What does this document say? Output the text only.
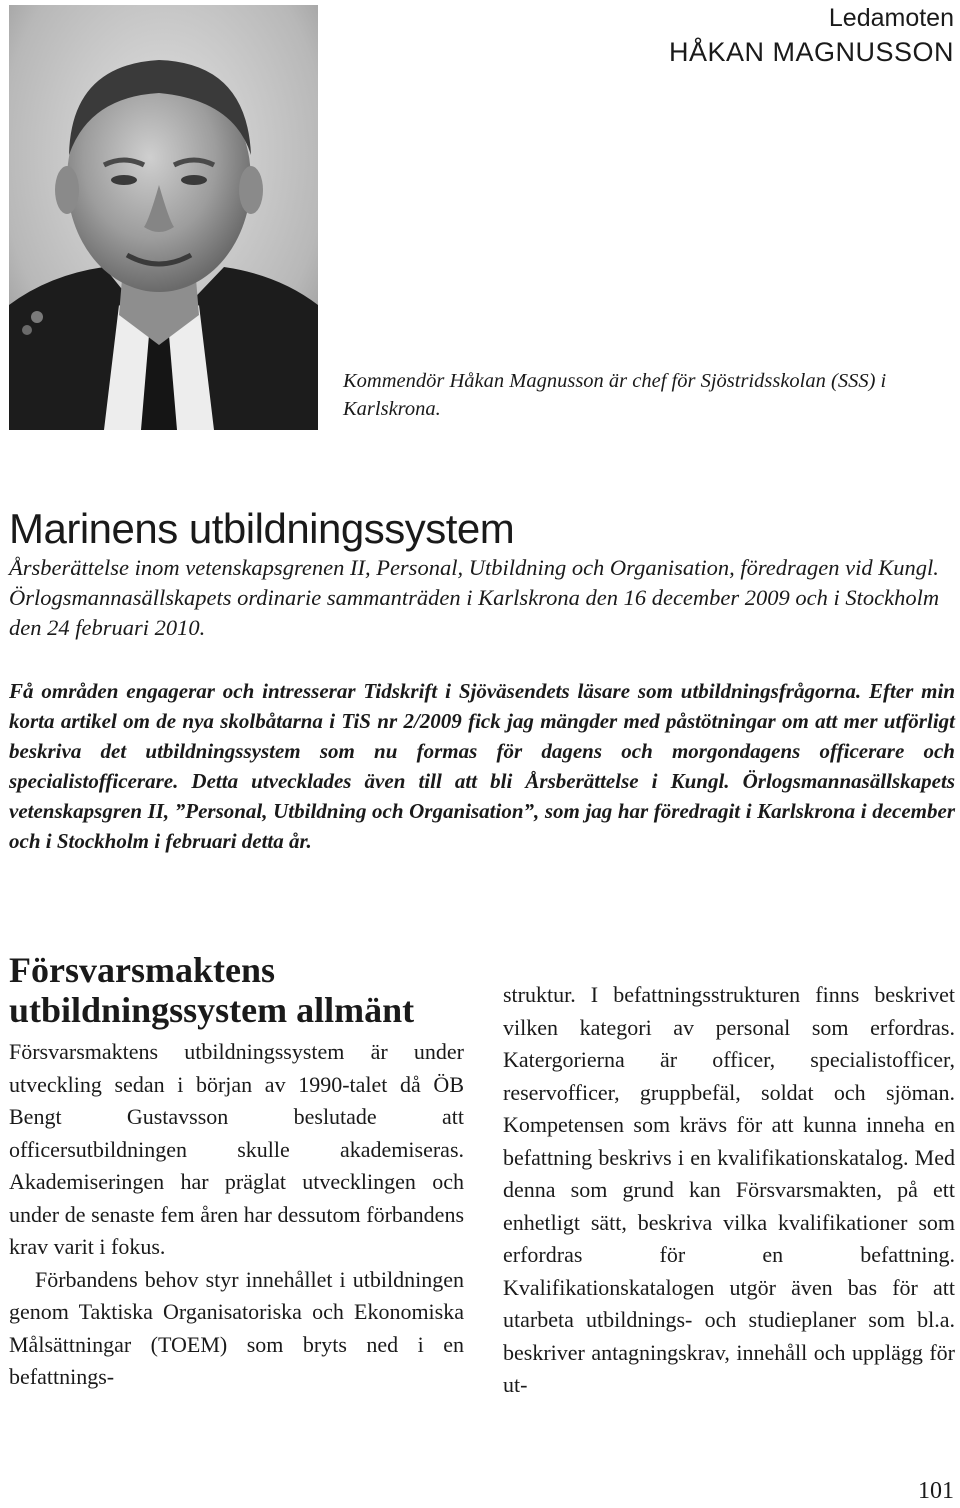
Ledamoten
HÅKAN MAGNUSSON
Kommendör Håkan Magnusson är chef för Sjöstridsskolan (SSS) i Karlskrona.
Marinens utbildningssystem
Årsberättelse inom vetenskapsgrenen II, Personal, Utbildning och Organisation, föredragen vid Kungl. Örlogsmannasällskapets ordinarie sammanträden i Karlskrona den 16 december 2009 och i Stockholm den 24 februari 2010.
Få områden engagerar och intresserar Tidskrift i Sjöväsendets läsare som utbildningsfrågorna. Efter min korta artikel om de nya skolbåtarna i TiS nr 2/2009 fick jag mängder med påstötningar om att mer utförligt beskriva det utbildningssystem som nu formas för dagens och morgondagens officerare och specialistofficerare. Detta utvecklades även till att bli Årsberättelse i Kungl. Örlogsmannasällskapets vetenskapsgren II, ”Personal, Utbildning och Organisation”, som jag har föredragit i Karlskrona i december och i Stockholm i februari detta år.
Försvarsmaktens utbildningssystem allmänt

Försvarsmaktens utbildningssystem är under utveckling sedan i början av 1990-talet då ÖB Bengt Gustavsson beslutade att officersutbildningen skulle akademiseras. Akademiseringen har präglat utvecklingen och under de senaste fem åren har dessutom förbandens krav varit i fokus.

Förbandens behov styr innehållet i utbildningen genom Taktiska Organisatoriska och Ekonomiska Målsättningar (TOEM) som bryts ned i en befattnings-

struktur. I befattningsstrukturen finns beskrivet vilken kategori av personal som erfordras. Katergorierna är officer, specialistofficer, reservofficer, gruppbefäl, soldat och sjöman. Kompetensen som krävs för att kunna inneha en befattning beskrivs i en kvalifikationskatalog. Med denna som grund kan Försvarsmakten, på ett enhetligt sätt, beskriva vilka kvalifikationer som erfordras för en befattning. Kvalifikationskatalogen utgör även bas för att utarbeta utbildnings- och studieplaner som bl.a. beskriver antagningskrav, innehåll och upplägg för ut-

101
